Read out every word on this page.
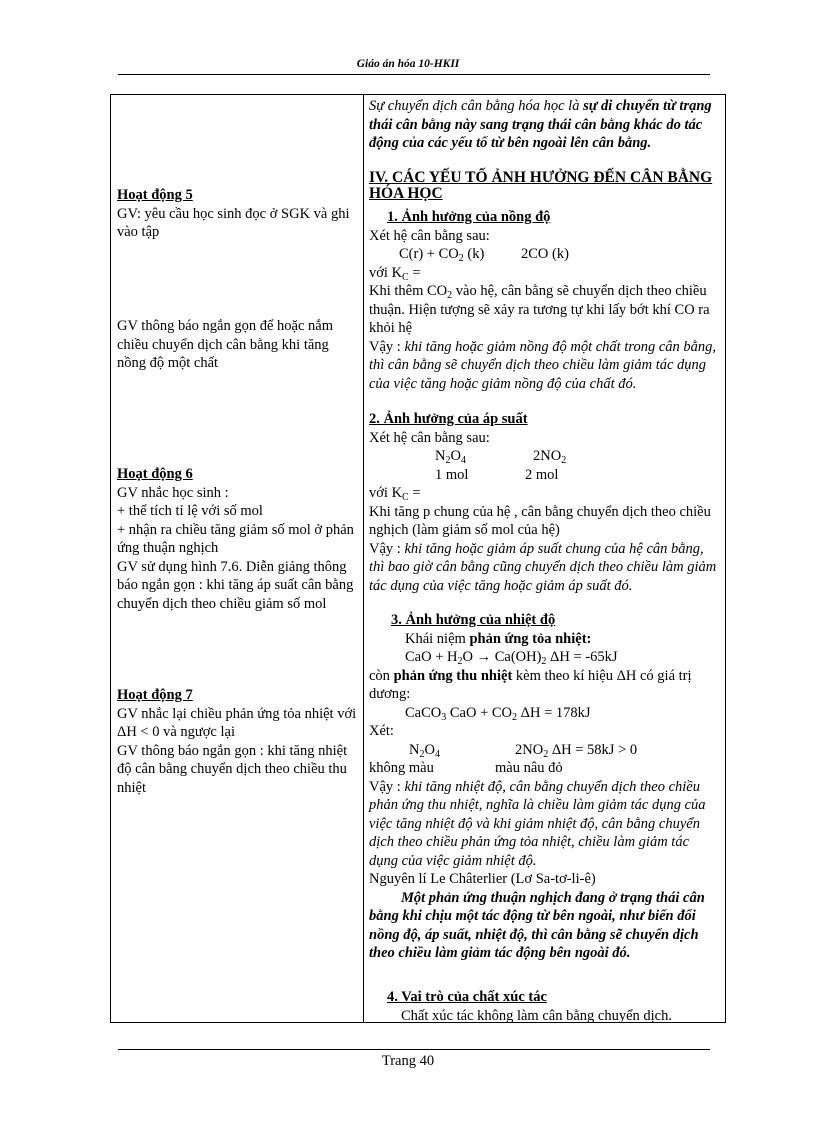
Giáo án hóa 10-HKII
Hoạt động 5
GV: yêu cầu học sinh đọc ở SGK và ghi vào tập
GV thông báo ngắn gọn để hoặc nắm chiều chuyển dịch cân bằng khi tăng nồng độ một chất
Hoạt động 6
GV nhắc học sinh :
+ thể tích tỉ lệ với số mol
+ nhận ra chiều tăng giảm số mol ở phản ứng thuận nghịch
GV sử dụng hình 7.6. Diễn giảng thông báo ngắn gọn : khi tăng áp suất cân bằng chuyển dịch theo chiều giảm số mol
Hoạt động 7
GV nhắc lại chiều phản ứng tỏa nhiệt với
ΔH < 0 và ngược lại
GV thông báo ngắn gọn : khi tăng nhiệt độ cân bằng chuyển dịch theo chiều thu nhiệt
Sự chuyển dịch cân bằng hóa học là sự di chuyển từ trạng thái cân bằng này sang trạng thái cân bằng khác do tác động của các yếu tố từ bên ngoài lên cân bằng.
IV. CÁC YẾU TỐ ẢNH HƯỞNG ĐẾN CÂN BẰNG HÓA HỌC
1. Ảnh hưởng của nồng độ
Xét hệ cân bằng sau:
$C(r) + CO_2$ (k)	2CO (k)
với $K_C$ =
Khi thêm $CO_2$ vào hệ, cân bằng sẽ chuyển dịch theo chiều thuận. Hiện tượng sẽ xảy ra tương tự khi lấy bớt khí CO ra khỏi hệ
Vậy : khi tăng hoặc giảm nồng độ một chất trong cân bằng, thì cân bằng sẽ chuyển dịch theo chiều làm giảm tác dụng của việc tăng hoặc giảm nồng độ của chất đó.
2. Ảnh hưởng của áp suất
Xét hệ cân bằng sau:
$N_2O_4$	$2NO_2$
1 mol	2 mol
với $K_C$ =
Khi tăng p chung của hệ , cân bằng chuyển dịch theo chiều nghịch (làm giảm số mol của hệ)
Vậy : khi tăng hoặc giảm áp suất chung của hệ cân bằng, thì bao giờ cân bằng cũng chuyển dịch theo chiều làm giảm tác dụng của việc tăng hoặc giảm áp suất đó.
3. Ảnh hưởng của nhiệt độ
Khái niệm phản ứng tỏa nhiệt:
CaO + $H_2O \to Ca(OH)_2$ ΔH = -65kJ
còn phản ứng thu nhiệt kèm theo kí hiệu ΔH có giá trị dương:
CaCO$_3$ CaO + $CO_2$ ΔH = 178kJ
Xét:
$N_2O_4$	$2NO_2$ ΔH = 58kJ > 0
không màu	màu nâu đỏ
Vậy : khi tăng nhiệt độ, cân bằng chuyển dịch theo chiều phản ứng thu nhiệt, nghĩa là chiều làm giảm tác dụng của việc tăng nhiệt độ và khi giảm nhiệt độ, cân bằng chuyển dịch theo chiều phản ứng tỏa nhiệt, chiều làm giảm tác dụng của việc giảm nhiệt độ.
Nguyên lí Le Châterlier (Lơ Sa-tơ-li-ê)
Một phản ứng thuận nghịch đang ở trạng thái cân bằng khi chịu một tác động từ bên ngoài, như biến đổi nồng độ, áp suất, nhiệt độ, thì cân bằng sẽ chuyển dịch theo chiều làm giảm tác động bên ngoài đó.
4. Vai trò của chất xúc tác
Chất xúc tác không làm cân bằng chuyển dịch.
Trang 40
